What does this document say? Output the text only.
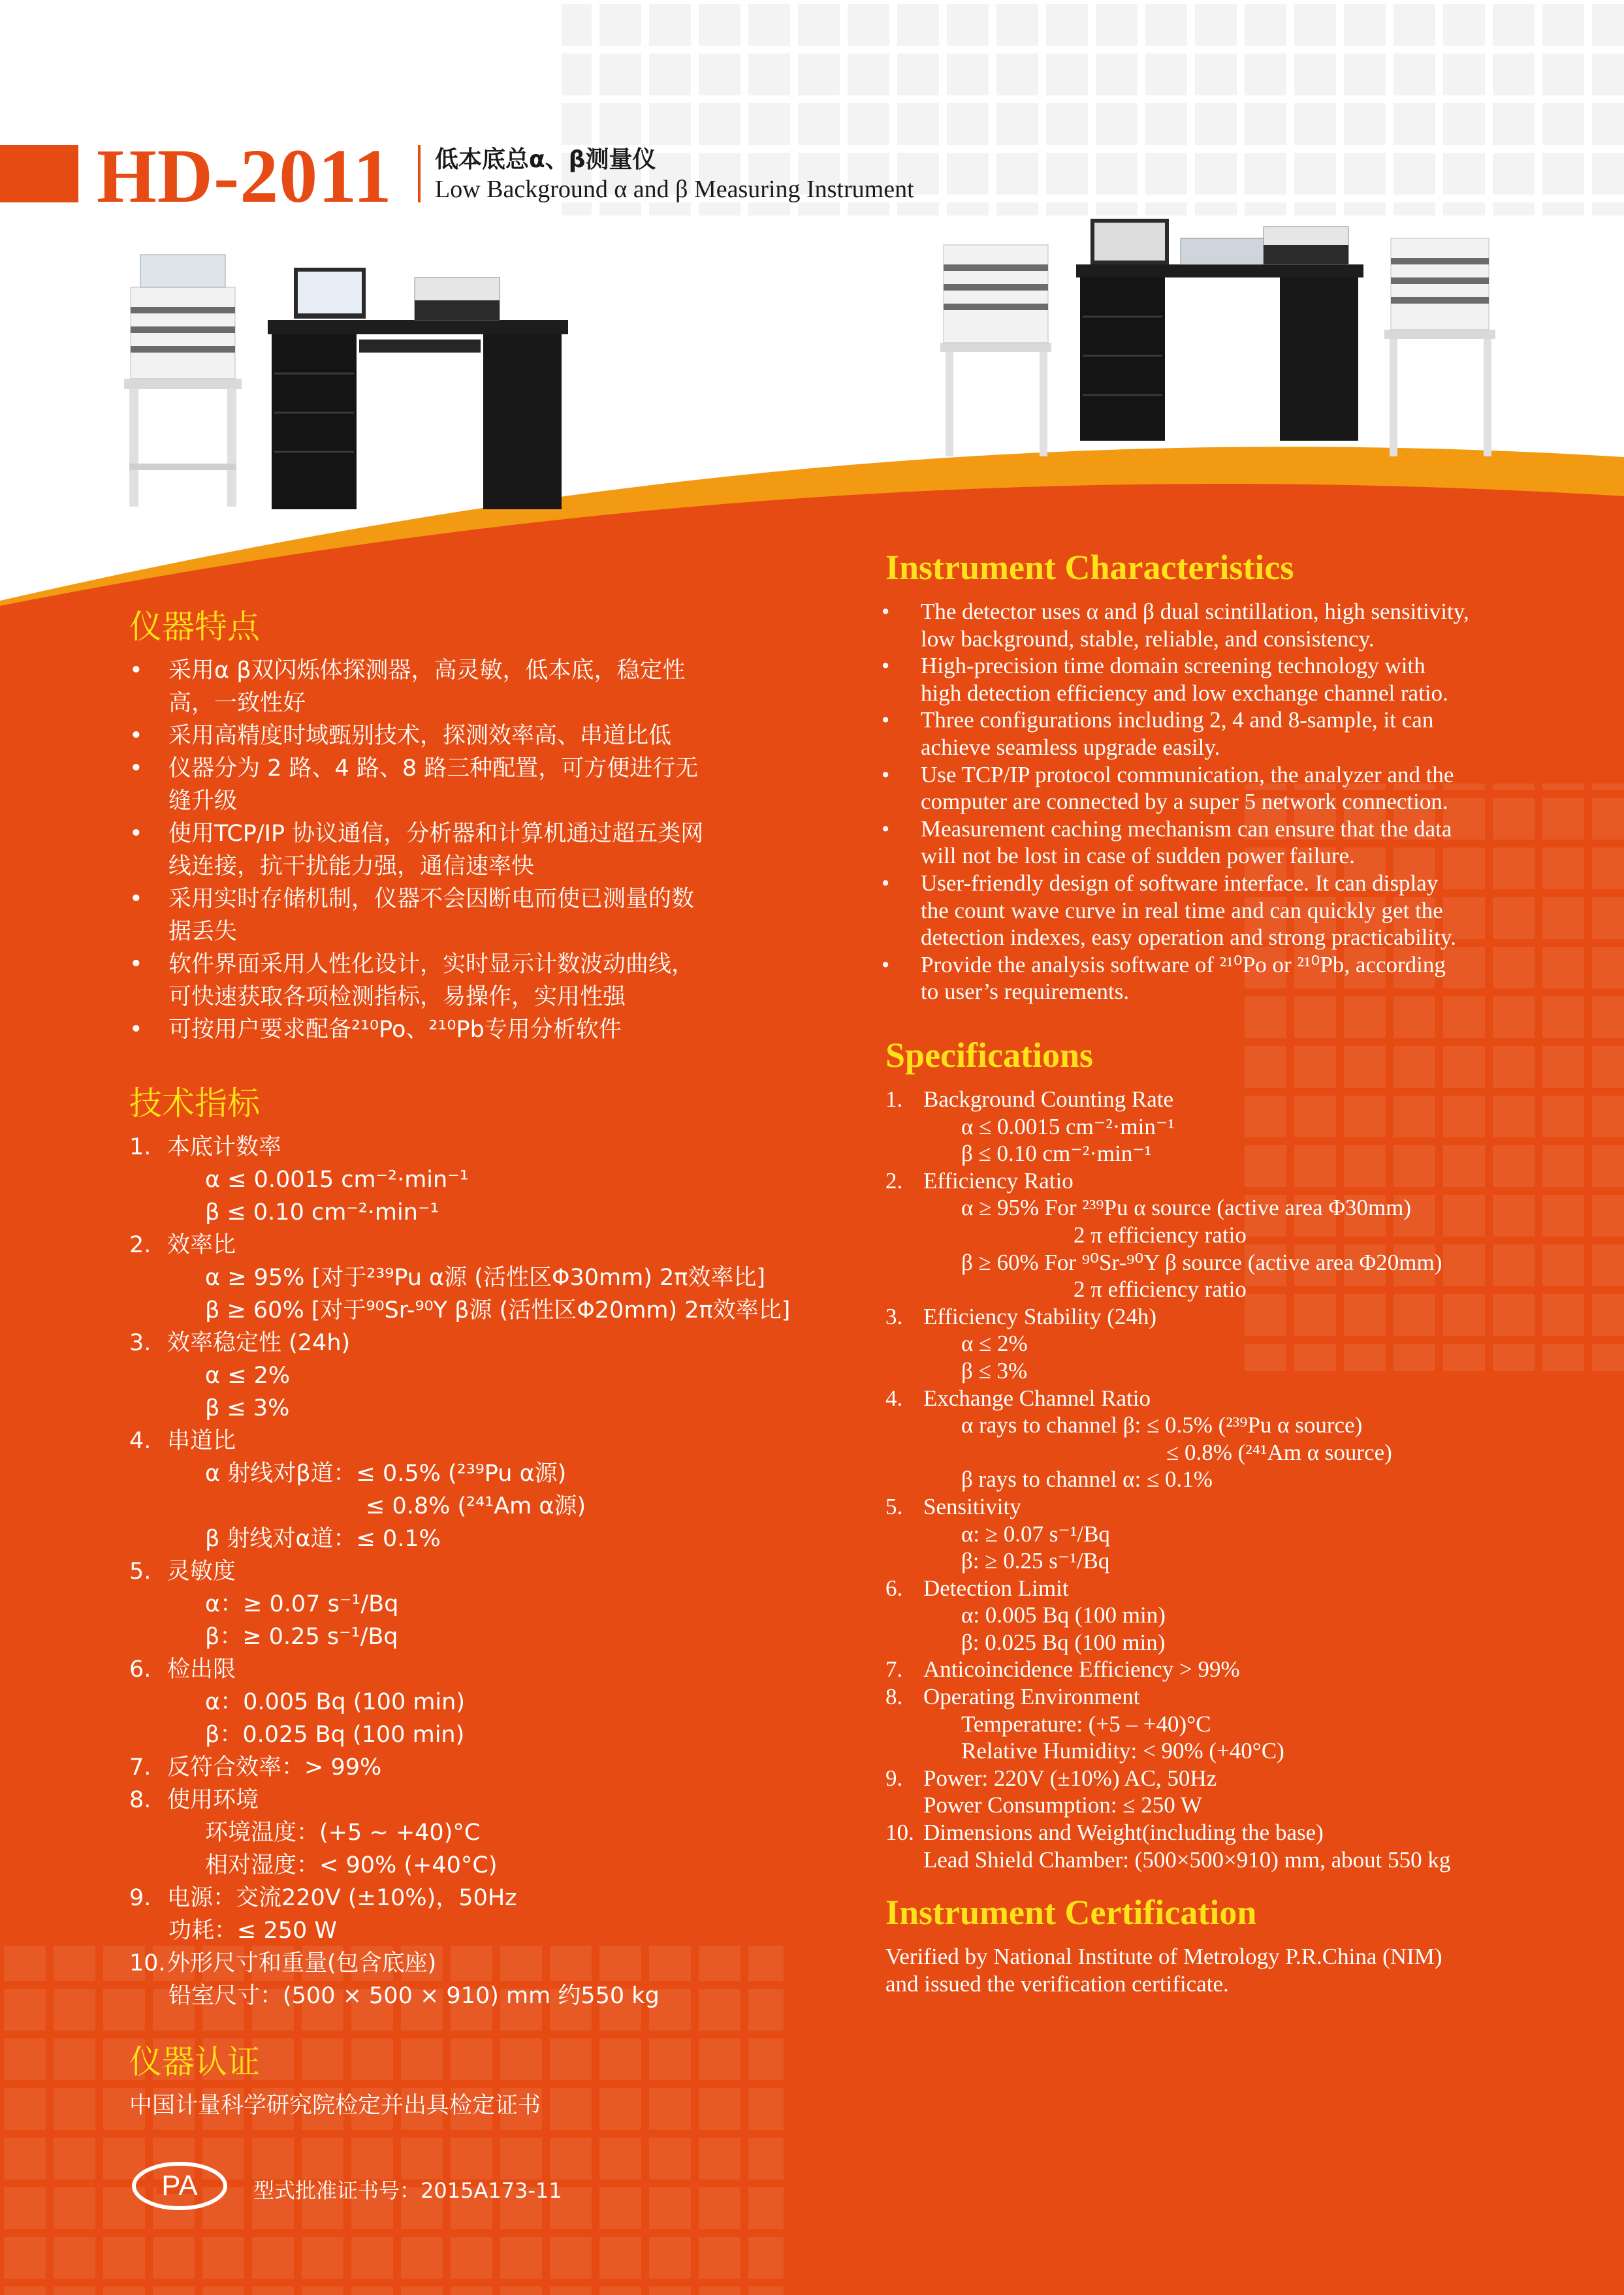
HD-2011 低本底总α、β测量仪
Low Background α and β Measuring Instrument
仪器特点
• 采用α β双闪烁体探测器，高灵敏，低本底，稳定性
高，一致性好
• 采用高精度时域甄别技术，探测效率高、串道比低
• 仪器分为 2 路、4 路、8 路三种配置，可方便进行无
缝升级
• 使用TCP/IP 协议通信，分析器和计算机通过超五类网
线连接，抗干扰能力强，通信速率快
• 采用实时存储机制，仪器不会因断电而使已测量的数
据丢失
• 软件界面采用人性化设计，实时显示计数波动曲线，
可快速获取各项检测指标，易操作，实用性强
• 可按用户要求配备²¹⁰Po、²¹⁰Pb专用分析软件
技术指标
1. 本底计数率
α ≤ 0.0015 cm⁻²·min⁻¹
β ≤ 0.10 cm⁻²·min⁻¹
2. 效率比
α ≥ 95% [对于²³⁹Pu α源 (活性区Φ30mm) 2π效率比]
β ≥ 60% [对于⁹⁰Sr-⁹⁰Y β源 (活性区Φ20mm) 2π效率比]
3. 效率稳定性 (24h)
α ≤ 2%
β ≤ 3%
4. 串道比
α 射线对β道：≤ 0.5% (²³⁹Pu α源)
≤ 0.8% (²⁴¹Am α源)
β 射线对α道：≤ 0.1%
5. 灵敏度
α：≥ 0.07 s⁻¹/Bq
β：≥ 0.25 s⁻¹/Bq
6. 检出限
α：0.005 Bq (100 min)
β：0.025 Bq (100 min)
7. 反符合效率：> 99%
8. 使用环境
环境温度：(+5 ~ +40)°C
相对湿度：< 90% (+40°C)
9. 电源：交流220V (±10%)，50Hz
功耗：≤ 250 W
10. 外形尺寸和重量(包含底座)
铅室尺寸：(500 × 500 × 910) mm 约550 kg
仪器认证
中国计量科学研究院检定并出具检定证书
PA	型式批准证书号：2015A173-11
Instrument Characteristics
• The detector uses α and β dual scintillation, high sensitivity,
low background, stable, reliable, and consistency.
• High-precision time domain screening technology with
high detection efficiency and low exchange channel ratio.
• Three configurations including 2, 4 and 8-sample, it can
achieve seamless upgrade easily.
• Use TCP/IP protocol communication, the analyzer and the
computer are connected by a super 5 network connection.
• Measurement caching mechanism can ensure that the data
will not be lost in case of sudden power failure.
• User-friendly design of software interface. It can display
the count wave curve in real time and can quickly get the
detection indexes, easy operation and strong practicability.
• Provide the analysis software of ²¹⁰Po or ²¹⁰Pb, according
to user’s requirements.
Specifications
1. Background Counting Rate
α ≤ 0.0015 cm⁻²·min⁻¹
β ≤ 0.10 cm⁻²·min⁻¹
2. Efficiency Ratio
α ≥ 95% For ²³⁹Pu α source (active area Φ30mm)
2 π efficiency ratio
β ≥ 60% For ⁹⁰Sr-⁹⁰Y β source (active area Φ20mm)
2 π efficiency ratio
3. Efficiency Stability (24h)
α ≤ 2%
β ≤ 3%
4. Exchange Channel Ratio
α rays to channel β: ≤ 0.5% (²³⁹Pu α source)
≤ 0.8% (²⁴¹Am α source)
β rays to channel α: ≤ 0.1%
5. Sensitivity
α: ≥ 0.07 s⁻¹/Bq
β: ≥ 0.25 s⁻¹/Bq
6. Detection Limit
α: 0.005 Bq (100 min)
β: 0.025 Bq (100 min)
7. Anticoincidence Efficiency > 99%
8. Operating Environment
Temperature: (+5 – +40)°C
Relative Humidity: < 90% (+40°C)
9. Power: 220V (±10%) AC, 50Hz
Power Consumption: ≤ 250 W
10. Dimensions and Weight(including the base)
Lead Shield Chamber: (500×500×910) mm, about 550 kg
Instrument Certification
Verified by National Institute of Metrology P.R.China (NIM)
and issued the verification certificate.
